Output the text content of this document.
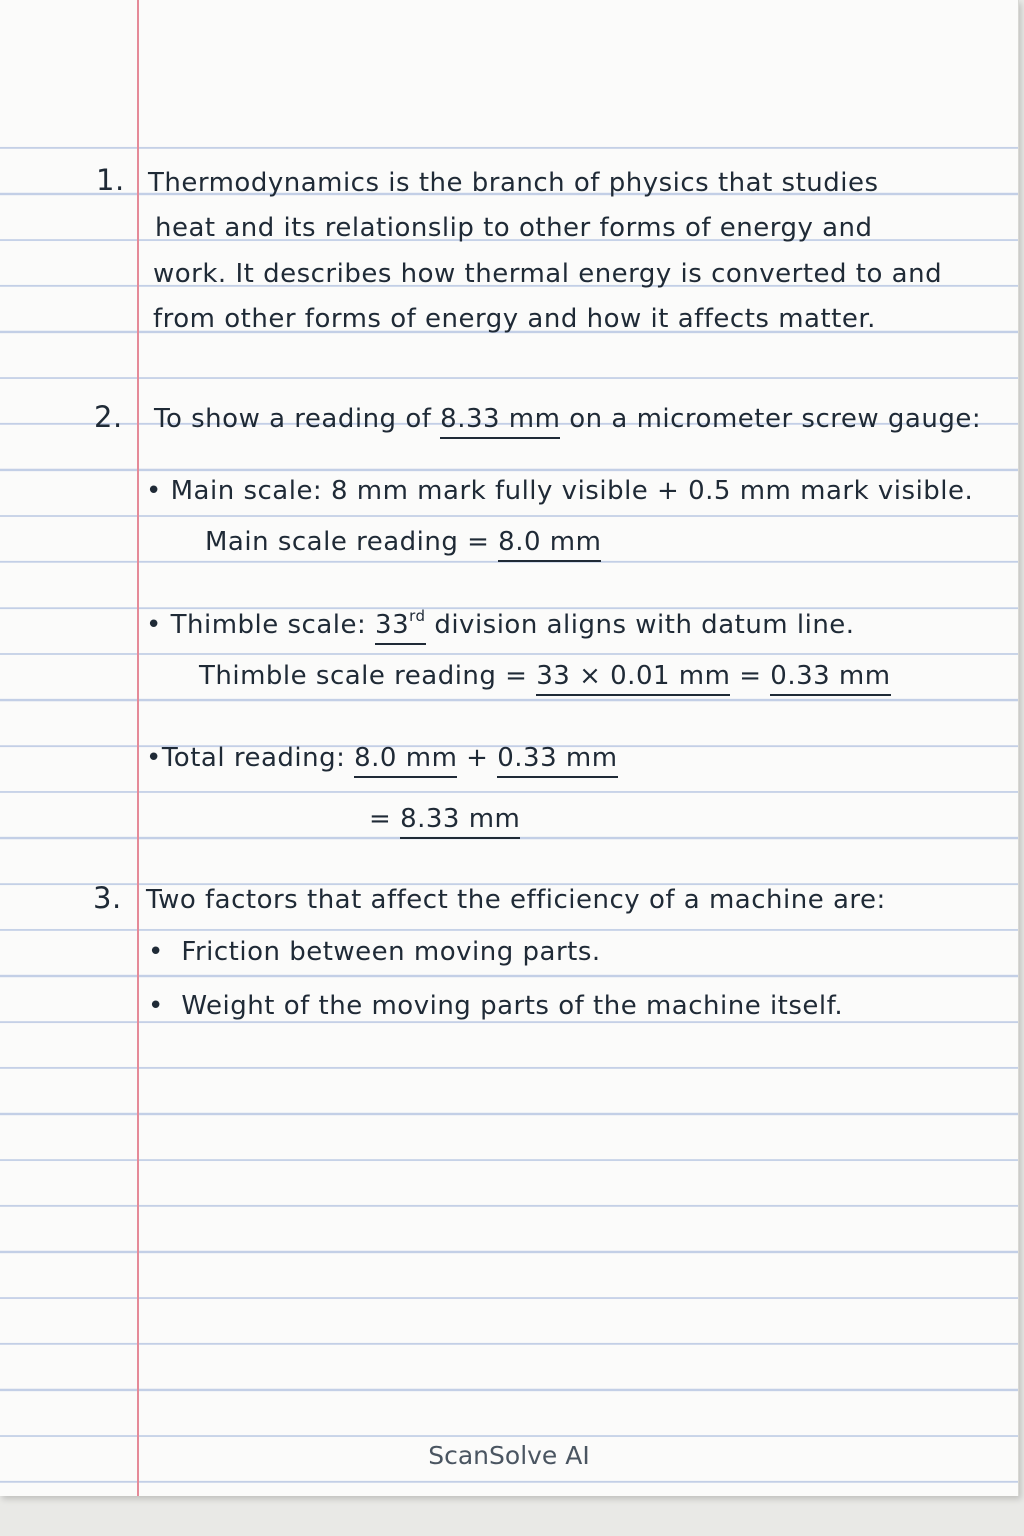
1. Thermodynamics is the branch of physics that studies
heat and its relationslip to other forms of energy and
work. It describes how thermal energy is converted to and
from other forms of energy and how it affects matter.
2. To show a reading of 8.33 mm on a micrometer screw gauge:
• Main scale: 8 mm mark fully visible + 0.5 mm mark visible.
Main scale reading = 8.0 mm
• Thimble scale: 33rd division aligns with datum line.
Thimble scale reading = 33 × 0.01 mm = 0.33 mm
•Total reading: 8.0 mm + 0.33 mm
= 8.33 mm
3. Two factors that affect the efficiency of a machine are:
• Friction between moving parts.
• Weight of the moving parts of the machine itself.
ScanSolve AI
